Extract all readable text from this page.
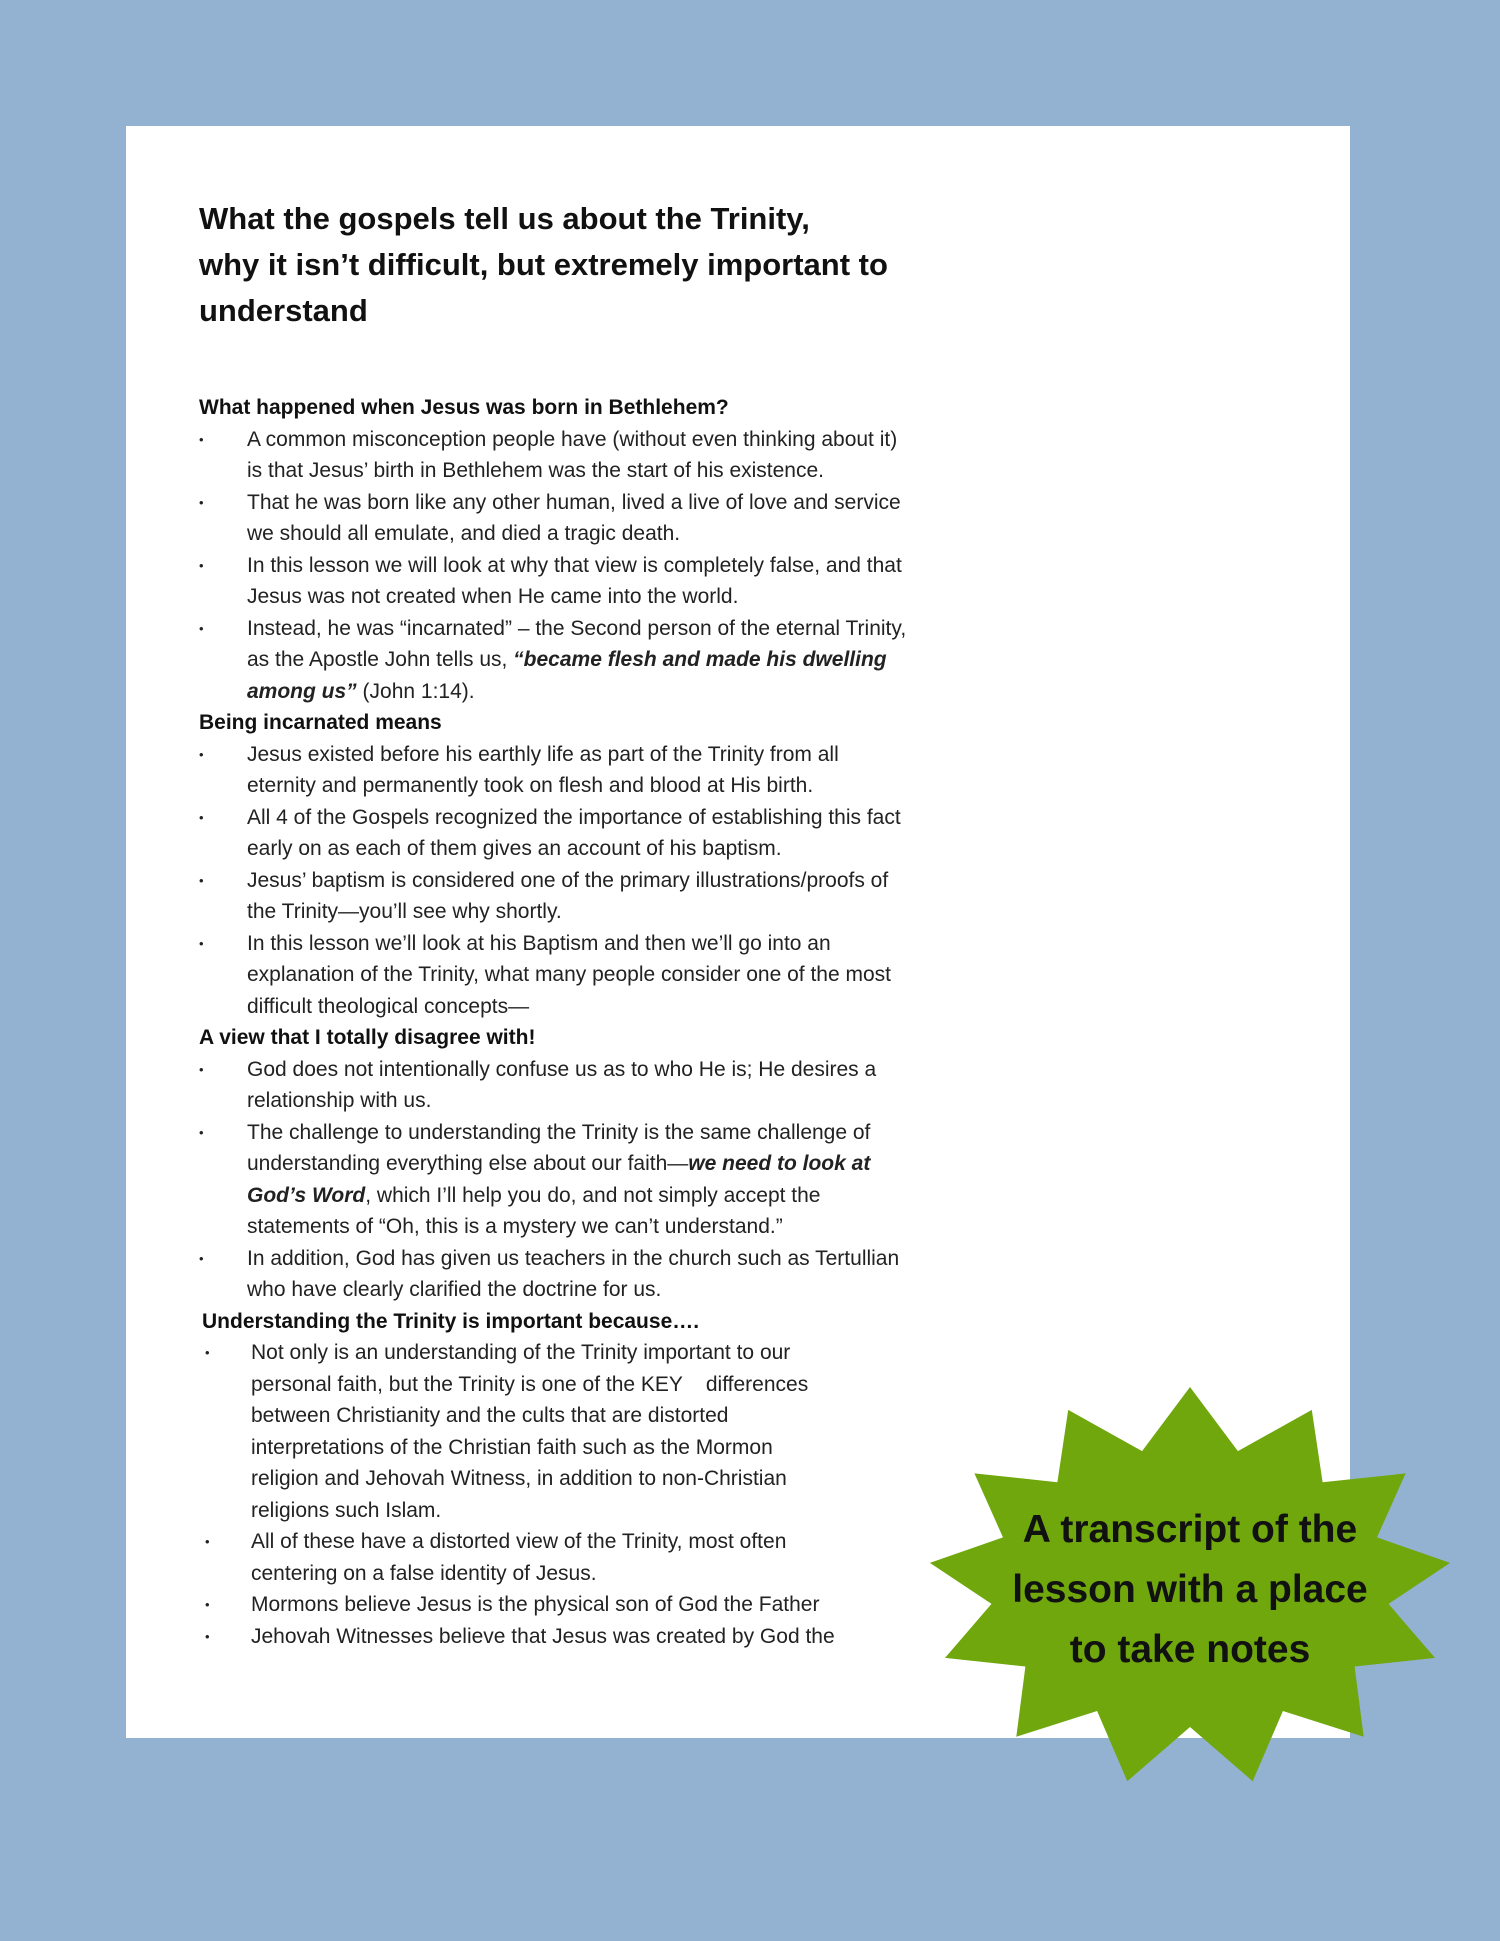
What the gospels tell us about the Trinity,
why it isn’t difficult, but extremely important to
understand
What happened when Jesus was born in Bethlehem?
• A common misconception people have (without even thinking about it)
is that Jesus’ birth in Bethlehem was the start of his existence.
• That he was born like any other human, lived a live of love and service
we should all emulate, and died a tragic death.
• In this lesson we will look at why that view is completely false, and that
Jesus was not created when He came into the world.
• Instead, he was “incarnated” – the Second person of the eternal Trinity,
as the Apostle John tells us, “became flesh and made his dwelling
among us” (John 1:14).
Being incarnated means
• Jesus existed before his earthly life as part of the Trinity from all
eternity and permanently took on flesh and blood at His birth.
• All 4 of the Gospels recognized the importance of establishing this fact
early on as each of them gives an account of his baptism.
• Jesus’ baptism is considered one of the primary illustrations/proofs of
the Trinity—you’ll see why shortly.
• In this lesson we’ll look at his Baptism and then we’ll go into an
explanation of the Trinity, what many people consider one of the most
difficult theological concepts—
A view that I totally disagree with!
• God does not intentionally confuse us as to who He is; He desires a
relationship with us.
• The challenge to understanding the Trinity is the same challenge of
understanding everything else about our faith—we need to look at
God’s Word, which I’ll help you do, and not simply accept the
statements of “Oh, this is a mystery we can’t understand.”
• In addition, God has given us teachers in the church such as Tertullian
who have clearly clarified the doctrine for us.
Understanding the Trinity is important because….
• Not only is an understanding of the Trinity important to our
personal faith, but the Trinity is one of the KEY    differences
between Christianity and the cults that are distorted
interpretations of the Christian faith such as the Mormon
religion and Jehovah Witness, in addition to non-Christian
religions such Islam.
• All of these have a distorted view of the Trinity, most often
centering on a false identity of Jesus.
• Mormons believe Jesus is the physical son of God the Father
• Jehovah Witnesses believe that Jesus was created by God the
A transcript of the
lesson with a place
to take notes
